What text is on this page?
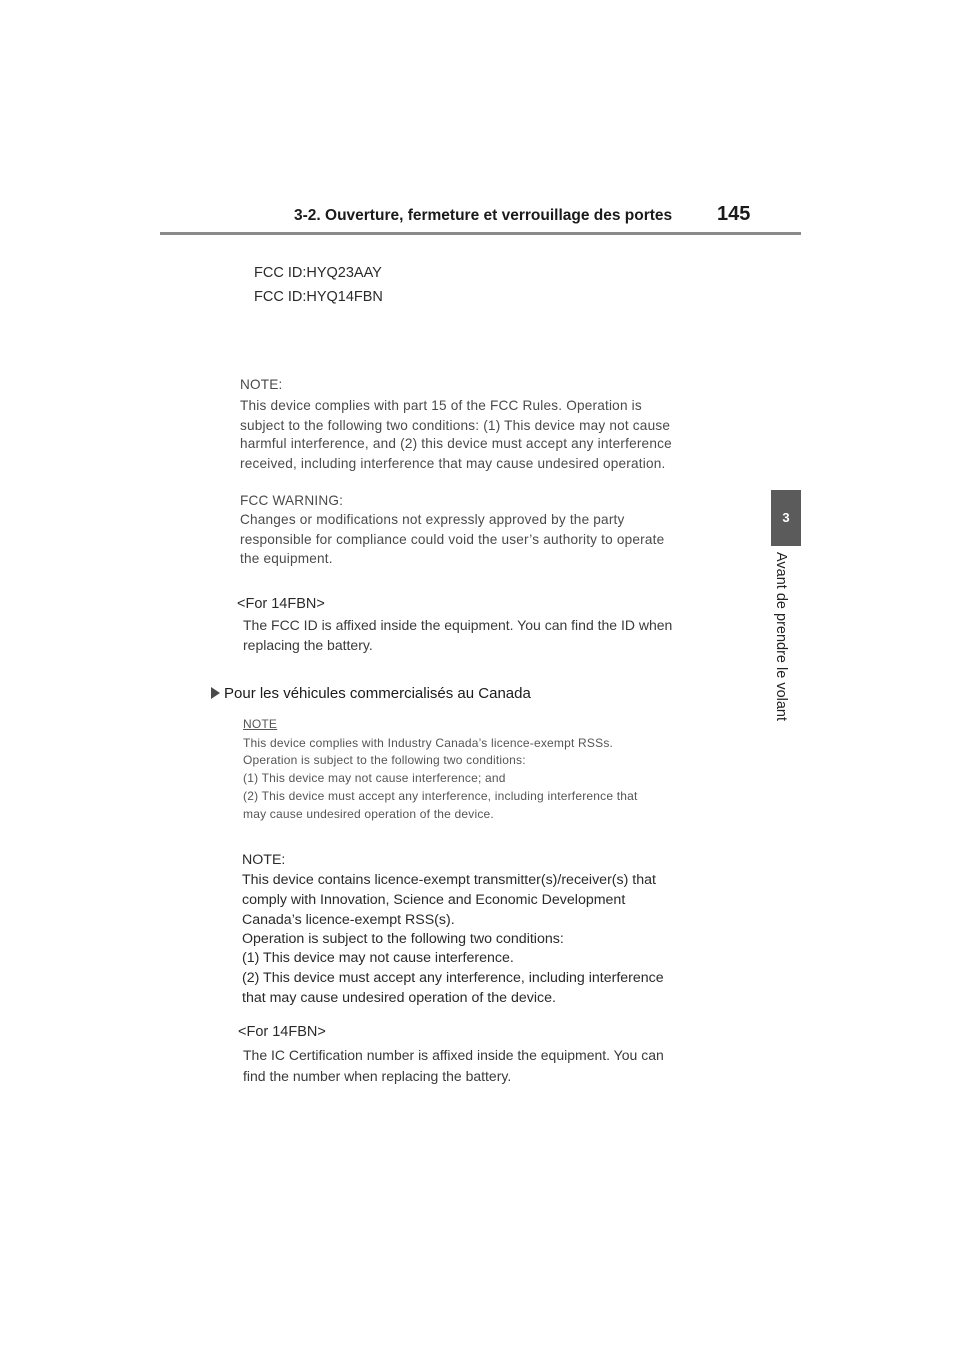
3-2. Ouverture, fermeture et verrouillage des portes 145
3
Avant de prendre le volant
FCC ID:HYQ23AAY
FCC ID:HYQ14FBN
NOTE:
This device complies with part 15 of the FCC Rules. Operation is
subject to the following two conditions: (1) This device may not cause
harmful interference, and (2) this device must accept any interference
received, including interference that may cause undesired operation.
FCC WARNING:
Changes or modifications not expressly approved by the party
responsible for compliance could void the user’s authority to operate
the equipment.
<For 14FBN>
The FCC ID is affixed inside the equipment. You can find the ID when
replacing the battery.
Pour les véhicules commercialisés au Canada
NOTE
This device complies with Industry Canada’s licence-exempt RSSs.
Operation is subject to the following two conditions:
(1) This device may not cause interference; and
(2) This device must accept any interference, including interference that
may cause undesired operation of the device.
NOTE:
This device contains licence-exempt transmitter(s)/receiver(s) that
comply with Innovation, Science and Economic Development
Canada’s licence-exempt RSS(s).
Operation is subject to the following two conditions:
(1) This device may not cause interference.
(2) This device must accept any interference, including interference
that may cause undesired operation of the device.
<For 14FBN>
The IC Certification number is affixed inside the equipment. You can
find the number when replacing the battery.
